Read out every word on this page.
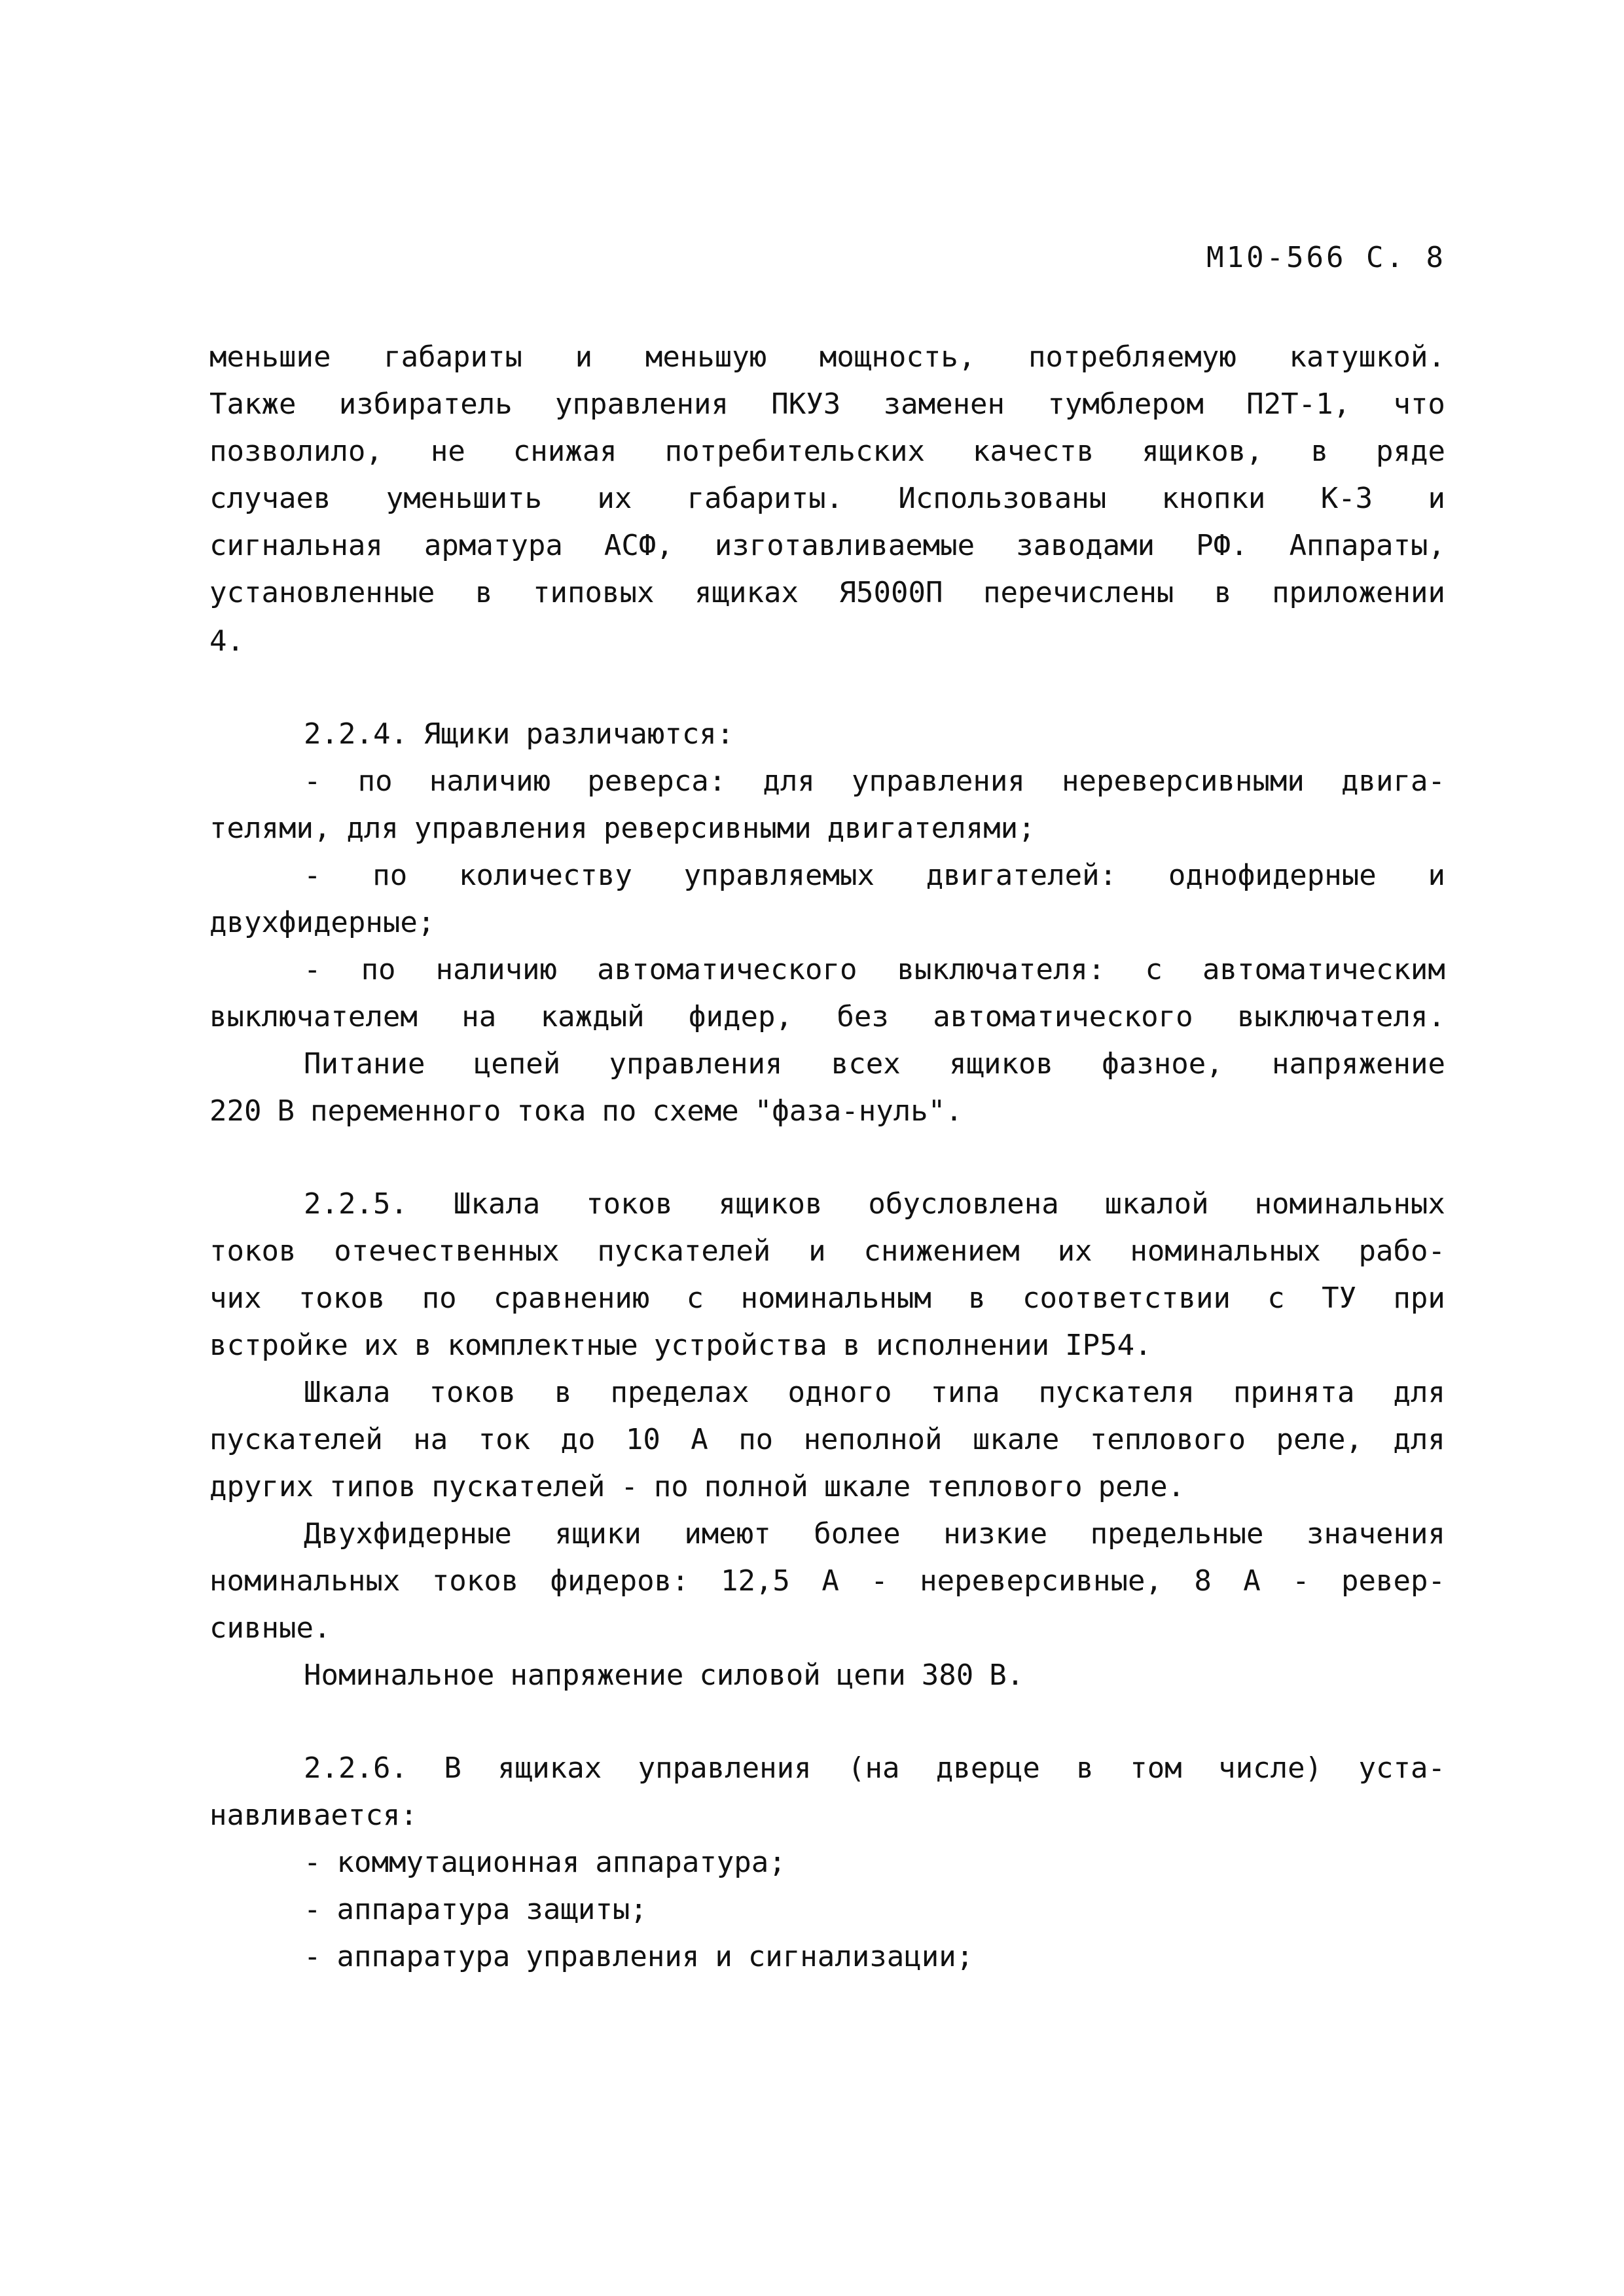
М10-566 С. 8
меньшие габариты и меньшую мощность, потребляемую катушкой.
Также избиратель управления ПКУЗ заменен тумблером П2Т-1, что
позволило, не снижая потребительских качеств ящиков, в ряде
случаев уменьшить их габариты. Использованы кнопки К-3 и
сигнальная арматура АСФ, изготавливаемые заводами РФ. Аппараты,
установленные в типовых ящиках Я5000П перечислены в приложении
4.
2.2.4. Ящики различаются:
- по наличию реверса: для управления нереверсивными двига-
телями, для управления реверсивными двигателями;
- по количеству управляемых двигателей: однофидерные и
двухфидерные;
- по наличию автоматического выключателя: с автоматическим
выключателем на каждый фидер, без автоматического выключателя.
Питание цепей управления всех ящиков фазное, напряжение
220 В переменного тока по схеме "фаза-нуль".
2.2.5. Шкала токов ящиков обусловлена шкалой номинальных
токов отечественных пускателей и снижением их номинальных рабо-
чих токов по сравнению с номинальным в соответствии с ТУ при
встройке их в комплектные устройства в исполнении IP54.
Шкала токов в пределах одного типа пускателя принята для
пускателей на ток до 10 А по неполной шкале теплового реле, для
других типов пускателей - по полной шкале теплового реле.
Двухфидерные ящики имеют более низкие предельные значения
номинальных токов фидеров: 12,5 А - нереверсивные, 8 А - ревер-
сивные.
Номинальное напряжение силовой цепи 380 В.
2.2.6. В ящиках управления (на дверце в том числе) уста-
навливается:
- коммутационная аппаратура;
- аппаратура защиты;
- аппаратура управления и сигнализации;
